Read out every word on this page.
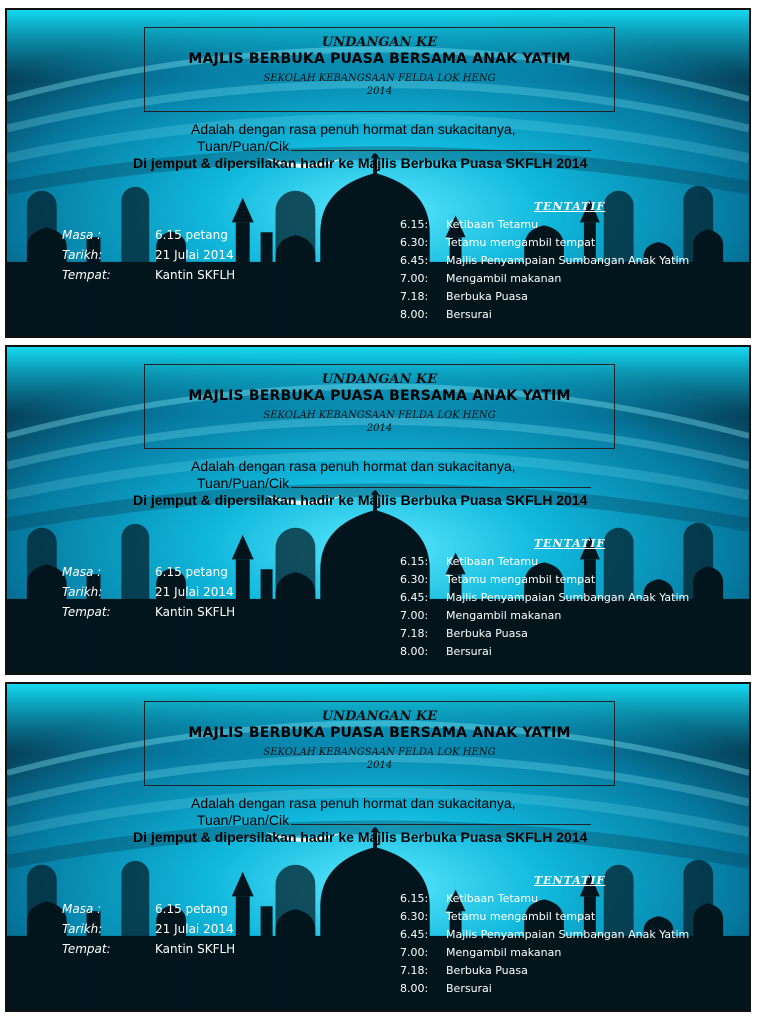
UNDANGAN KE
MAJLIS BERBUKA PUASA BERSAMA ANAK YATIM
SEKOLAH KEBANGSAAN FELDA LOK HENG
2014
Adalah dengan rasa penuh hormat dan sukacitanya,
Tuan/Puan/Cik
Di jemput & dipersilakan hadir ke Majlis Berbuka Puasa SKFLH 2014
Masa :	6.15 petang
Tarikh:	21 Julai 2014
Tempat:	Kantin SKFLH
TENTATIF
6.15: Ketibaan Tetamu
6.30: Tetamu mengambil tempat
6.45: Majlis Penyampaian Sumbangan Anak Yatim
7.00: Mengambil makanan
7.18: Berbuka Puasa
8.00: Bersurai
UNDANGAN KE
MAJLIS BERBUKA PUASA BERSAMA ANAK YATIM
SEKOLAH KEBANGSAAN FELDA LOK HENG
2014
Adalah dengan rasa penuh hormat dan sukacitanya,
Tuan/Puan/Cik
Di jemput & dipersilakan hadir ke Majlis Berbuka Puasa SKFLH 2014
Masa :	6.15 petang
Tarikh:	21 Julai 2014
Tempat:	Kantin SKFLH
TENTATIF
6.15: Ketibaan Tetamu
6.30: Tetamu mengambil tempat
6.45: Majlis Penyampaian Sumbangan Anak Yatim
7.00: Mengambil makanan
7.18: Berbuka Puasa
8.00: Bersurai
UNDANGAN KE
MAJLIS BERBUKA PUASA BERSAMA ANAK YATIM
SEKOLAH KEBANGSAAN FELDA LOK HENG
2014
Adalah dengan rasa penuh hormat dan sukacitanya,
Tuan/Puan/Cik
Di jemput & dipersilakan hadir ke Majlis Berbuka Puasa SKFLH 2014
Masa :	6.15 petang
Tarikh:	21 Julai 2014
Tempat:	Kantin SKFLH
TENTATIF
6.15: Ketibaan Tetamu
6.30: Tetamu mengambil tempat
6.45: Majlis Penyampaian Sumbangan Anak Yatim
7.00: Mengambil makanan
7.18: Berbuka Puasa
8.00: Bersurai
